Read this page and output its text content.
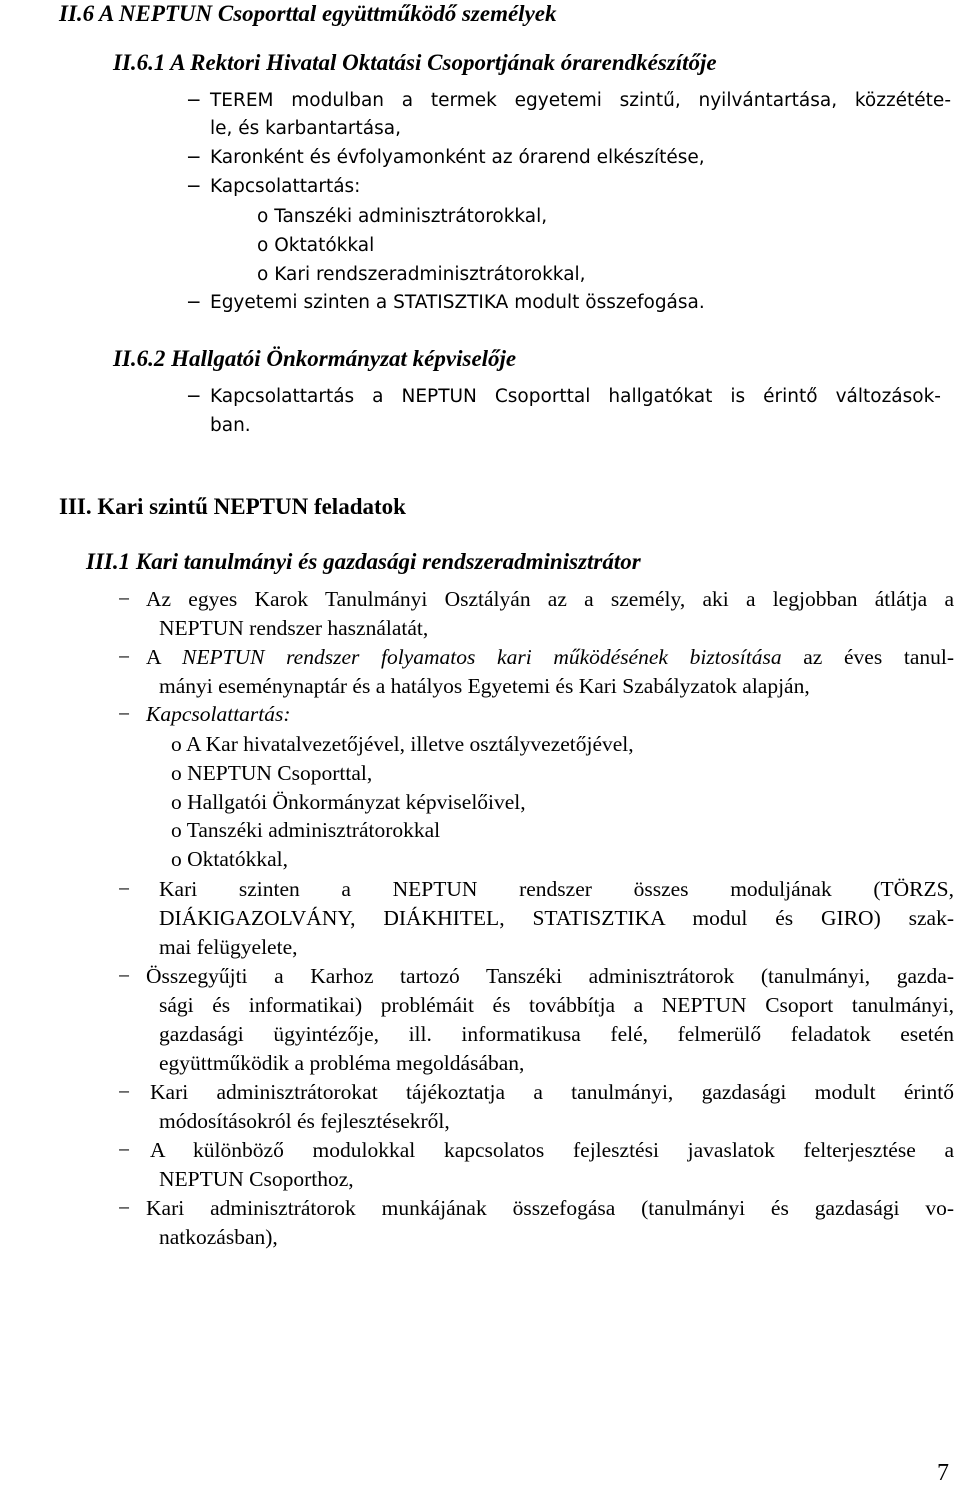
II.6 A NEPTUN Csoporttal együttműködő személyek
II.6.1 A Rektori Hivatal Oktatási Csoportjának órarendkészítője
− TEREM modulban a termek egyetemi szintű, nyilvántartása, közzététe-
le, és karbantartása,
− Karonként és évfolyamonként az órarend elkészítése,
− Kapcsolattartás:
o Tanszéki adminisztrátorokkal,
o Oktatókkal
o Kari rendszeradminisztrátorokkal,
− Egyetemi szinten a STATISZTIKA modult összefogása.
II.6.2 Hallgatói Önkormányzat képviselője
− Kapcsolattartás a NEPTUN Csoporttal hallgatókat is érintő változások-
ban.
III. Kari szintű NEPTUN feladatok
III.1 Kari tanulmányi és gazdasági rendszeradminisztrátor
− Az egyes Karok Tanulmányi Osztályán az a személy, aki a legjobban átlátja a
NEPTUN rendszer használatát,
− A NEPTUN rendszer folyamatos kari működésének biztosítása az éves tanul-
mányi eseménynaptár és a hatályos Egyetemi és Kari Szabályzatok alapján,
− Kapcsolattartás:
o A Kar hivatalvezetőjével, illetve osztályvezetőjével,
o NEPTUN Csoporttal,
o Hallgatói Önkormányzat képviselőivel,
o Tanszéki adminisztrátorokkal
o Oktatókkal,
− Kari szinten a NEPTUN rendszer összes moduljának (TÖRZS,
DIÁKIGAZOLVÁNY, DIÁKHITEL, STATISZTIKA modul és GIRO) szak-
mai felügyelete,
− Összegyűjti a Karhoz tartozó Tanszéki adminisztrátorok (tanulmányi, gazda-
sági és informatikai) problémáit és továbbítja a NEPTUN Csoport tanulmányi,
gazdasági ügyintézője, ill. informatikusa felé, felmerülő feladatok esetén
együttműködik a probléma megoldásában,
− Kari adminisztrátorokat tájékoztatja a tanulmányi, gazdasági modult érintő
módosításokról és fejlesztésekről,
− A különböző modulokkal kapcsolatos fejlesztési javaslatok felterjesztése a
NEPTUN Csoporthoz,
− Kari adminisztrátorok munkájának összefogása (tanulmányi és gazdasági vo-
natkozásban),
7
